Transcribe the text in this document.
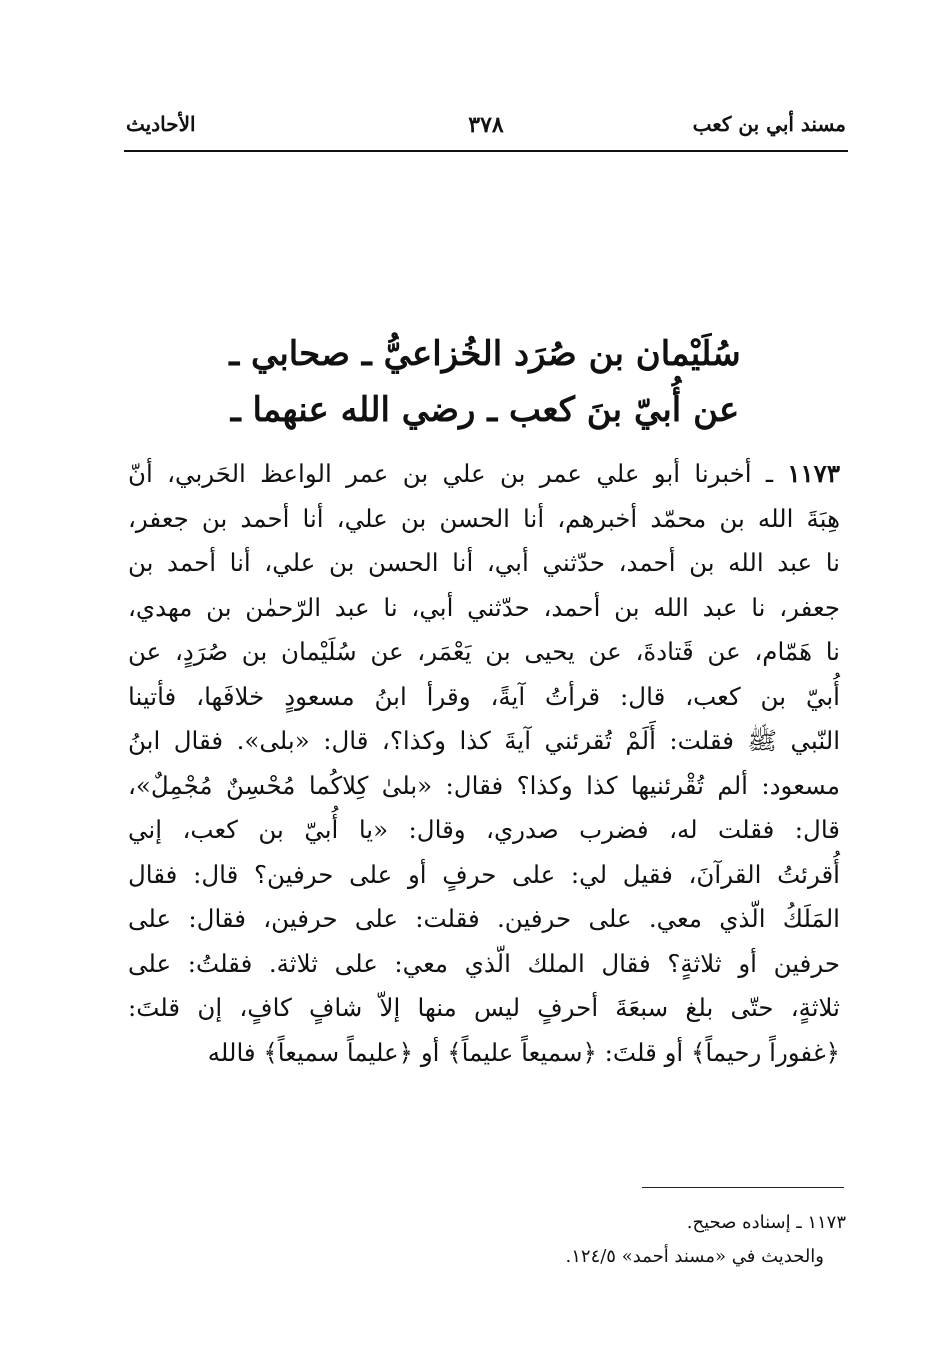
مسند أبي بن كعب
٣٧٨
الأحاديث
سُلَيْمان بن صُرَد الخُزاعيُّ ـ صحابي ـ
عن أُبيّ بنَ كعب ـ رضي الله عنهما ـ
١١٧٣ ـ أخبرنا أبو علي عمر بن علي بن عمر الواعظ الحَربي، أنّ
هِبَةَ الله بن محمّد أخبرهم، أنا الحسن بن علي، أنا أحمد بن جعفر،
نا عبد الله بن أحمد، حدّثني أبي، أنا الحسن بن علي، أنا أحمد بن
جعفر، نا عبد الله بن أحمد، حدّثني أبي، نا عبد الرّحمٰن بن مهدي،
نا هَمّام، عن قَتادةَ، عن يحيى بن يَعْمَر، عن سُلَيْمان بن صُرَدٍ، عن
أُبيّ بن كعب، قال: قرأتُ آيةً، وقرأ ابنُ مسعودٍ خلافَها، فأتينا
النّبي ﷺ فقلت: أَلَمْ تُقرئني آيةَ كذا وكذا؟، قال: «بلى». فقال ابنُ
مسعود: ألم تُقْرئنيها كذا وكذا؟ فقال: «بلىٰ كِلاكُما مُحْسِنٌ مُجْمِلٌ»،
قال: فقلت له، فضرب صدري، وقال: «يا أُبيّ بن كعب، إني
أُقرئتُ القرآنَ، فقيل لي: على حرفٍ أو على حرفين؟ قال: فقال
المَلَكُ الّذي معي. على حرفين. فقلت: على حرفين، فقال: على
حرفين أو ثلاثةٍ؟ فقال الملك الّذي معي: على ثلاثة. فقلتُ: على
ثلاثةٍ، حتّى بلغ سبعَةَ أحرفٍ ليس منها إلاّ شافٍ كافٍ، إن قلتَ:
﴿غفوراً رحيماً﴾ أو قلتَ: ﴿سميعاً عليماً﴾ أو ﴿عليماً سميعاً﴾ فالله
١١٧٣ ـ إسناده صحيح.
والحديث في «مسند أحمد» ١٢٤/٥.
